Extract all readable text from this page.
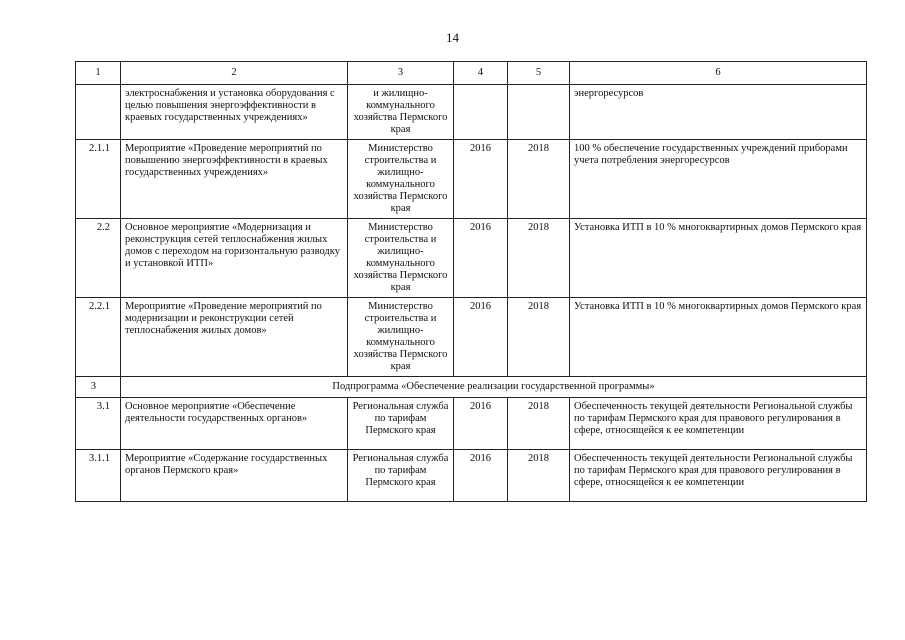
14
1	2	3	4	5	6
	электроснабжения и установка оборудования с целью повышения энергоэффективности в краевых государственных учреждениях»	и жилищно-коммунального хозяйства Пермского края			энергоресурсов
2.1.1	Мероприятие «Проведение мероприятий по повышению энергоэффективности в краевых государственных учреждениях»	Министерство строительства и жилищно-коммунального хозяйства Пермского края	2016	2018	100 % обеспечение государственных учреждений приборами учета потребления энергоресурсов
2.2	Основное мероприятие «Модернизация и реконструкция сетей теплоснабжения жилых домов с переходом на горизонтальную разводку и установкой ИТП»	Министерство строительства и жилищно-коммунального хозяйства Пермского края	2016	2018	Установка ИТП в 10 % многоквартирных домов Пермского края
2.2.1	Мероприятие «Проведение мероприятий по модернизации и реконструкции сетей теплоснабжения жилых домов»	Министерство строительства и жилищно-коммунального хозяйства Пермского края	2016	2018	Установка ИТП в 10 % многоквартирных домов Пермского края
3	Подпрограмма «Обеспечение реализации государственной программы»				
3.1	Основное мероприятие «Обеспечение деятельности государственных органов»	Региональная служба по тарифам Пермского края	2016	2018	Обеспеченность текущей деятельности Региональной службы по тарифам Пермского края для правового регулирования в сфере, относящейся к ее компетенции
3.1.1	Мероприятие «Содержание государственных органов Пермского края»	Региональная служба по тарифам Пермского края	2016	2018	Обеспеченность текущей деятельности Региональной службы по тарифам Пермского края для правового регулирования в сфере, относящейся к ее компетенции
